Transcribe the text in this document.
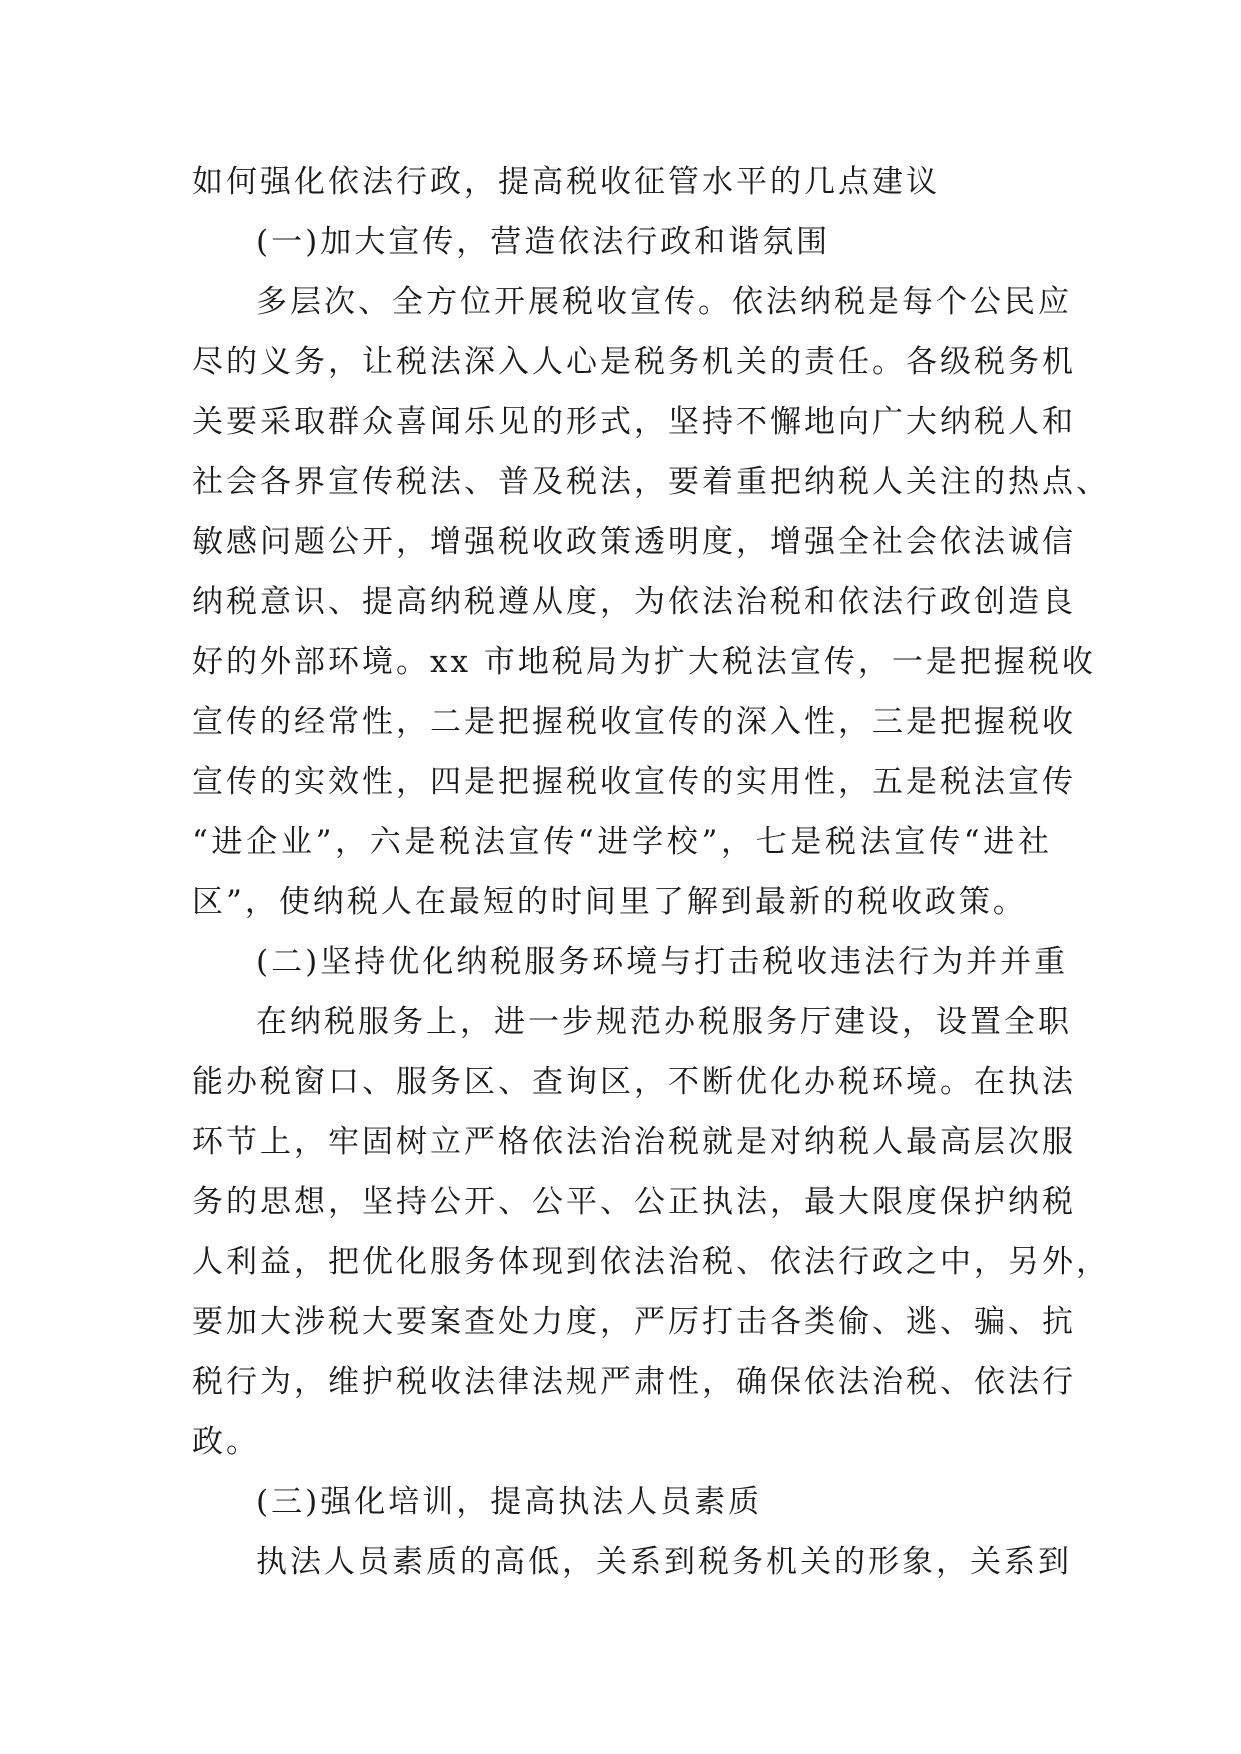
如何强化依法行政，提高税收征管水平的几点建议
(一)加大宣传，营造依法行政和谐氛围
多层次、全方位开展税收宣传。依法纳税是每个公民应
尽的义务，让税法深入人心是税务机关的责任。各级税务机
关要采取群众喜闻乐见的形式，坚持不懈地向广大纳税人和
社会各界宣传税法、普及税法，要着重把纳税人关注的热点、
敏感问题公开，增强税收政策透明度，增强全社会依法诚信
纳税意识、提高纳税遵从度，为依法治税和依法行政创造良
好的外部环境。xx 市地税局为扩大税法宣传，一是把握税收
宣传的经常性，二是把握税收宣传的深入性，三是把握税收
宣传的实效性，四是把握税收宣传的实用性，五是税法宣传
“进企业”，六是税法宣传“进学校”，七是税法宣传“进社
区”，使纳税人在最短的时间里了解到最新的税收政策。
(二)坚持优化纳税服务环境与打击税收违法行为并并重
在纳税服务上，进一步规范办税服务厅建设，设置全职
能办税窗口、服务区、查询区，不断优化办税环境。在执法
环节上，牢固树立严格依法治治税就是对纳税人最高层次服
务的思想，坚持公开、公平、公正执法，最大限度保护纳税
人利益，把优化服务体现到依法治税、依法行政之中，另外，
要加大涉税大要案查处力度，严厉打击各类偷、逃、骗、抗
税行为，维护税收法律法规严肃性，确保依法治税、依法行
政。
(三)强化培训，提高执法人员素质
执法人员素质的高低，关系到税务机关的形象，关系到
